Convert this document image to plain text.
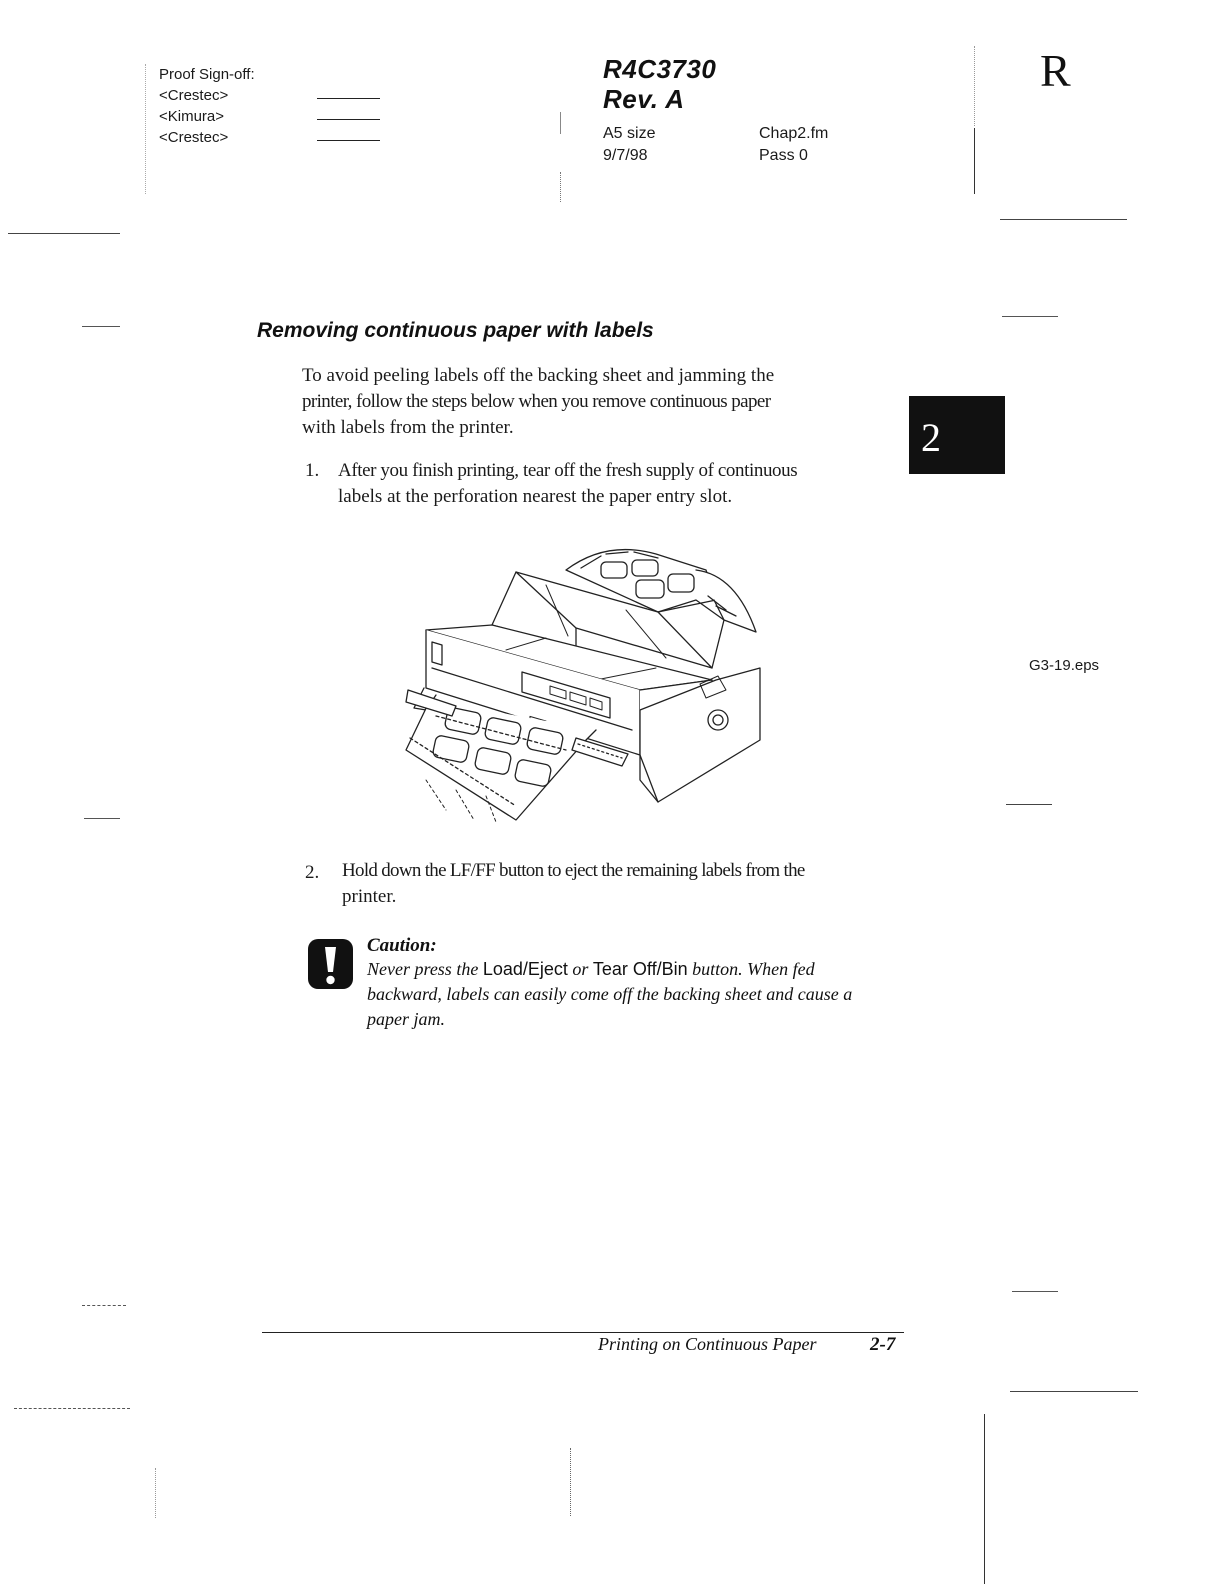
Proof Sign-off:
<Crestec>
<Kimura>
<Crestec>
R4C3730
Rev. A
A5 size
9/7/98
Chap2.fm
Pass 0
R
Removing continuous paper with labels
To avoid peeling labels off the backing sheet and jamming the
printer, follow the steps below when you remove continuous paper
with labels from the printer.	2
1. After you finish printing, tear off the fresh supply of continuous
labels at the perforation nearest the paper entry slot.
G3-19.eps
2. Hold down the LF/FF button to eject the remaining labels from the
printer.
Caution:
Never press the Load/Eject or Tear Off/Bin button. When fed
backward, labels can easily come off the backing sheet and cause a
paper jam.
Printing on Continuous Paper	2-7
